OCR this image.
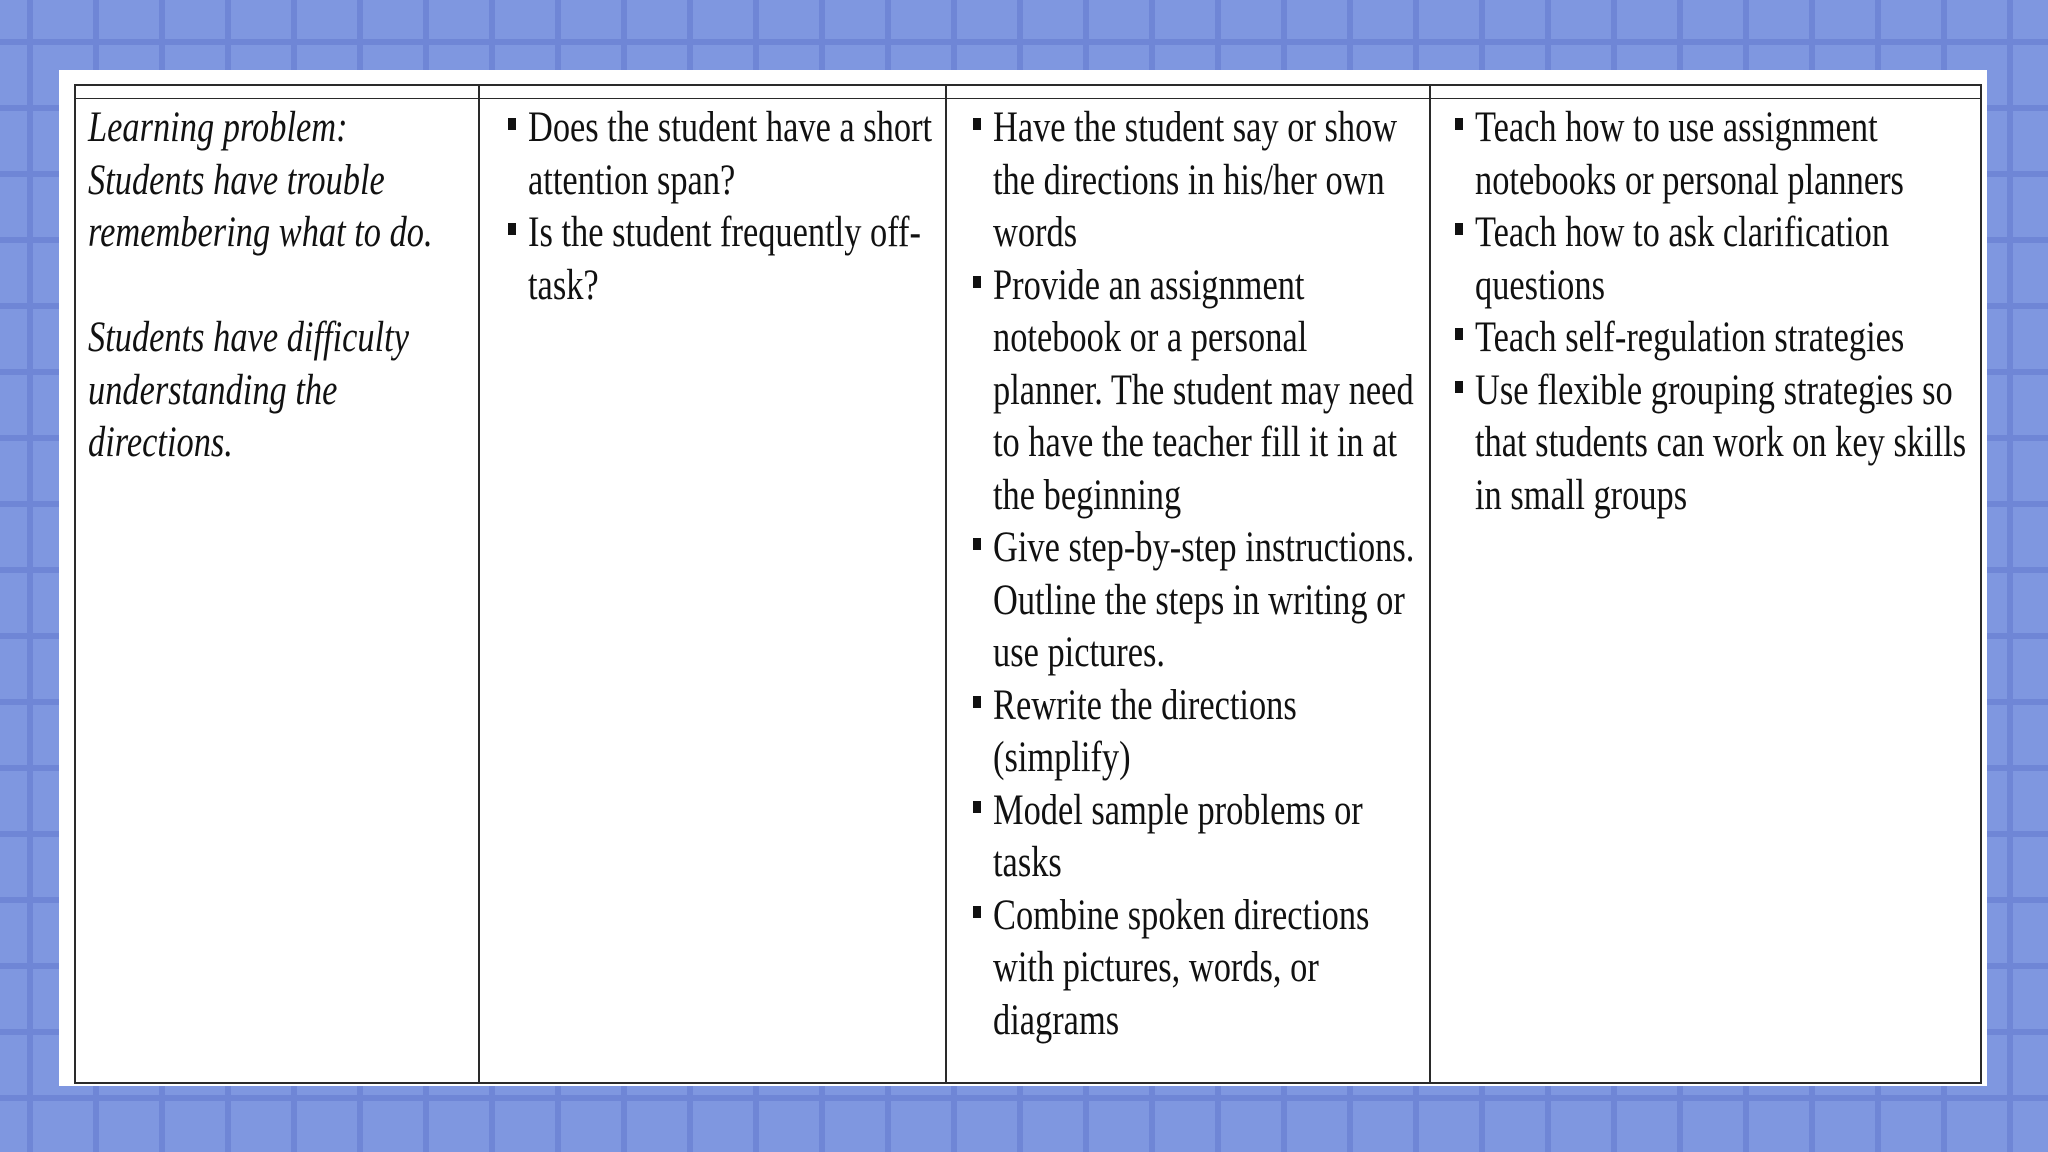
Learning problem: Students have trouble remembering what to do.
Students have difficulty understanding the directions.
Does the student have a short attention span?
Is the student frequently off-task?
Have the student say or show the directions in his/her own words
Provide an assignment notebook or a personal planner. The student may need to have the teacher fill it in at the beginning
Give step-by-step instructions. Outline the steps in writing or use pictures.
Rewrite the directions (simplify)
Model sample problems or tasks
Combine spoken directions with pictures, words, or diagrams
Teach how to use assignment notebooks or personal planners
Teach how to ask clarification questions
Teach self-regulation strategies
Use flexible grouping strategies so that students can work on key skills in small groups
